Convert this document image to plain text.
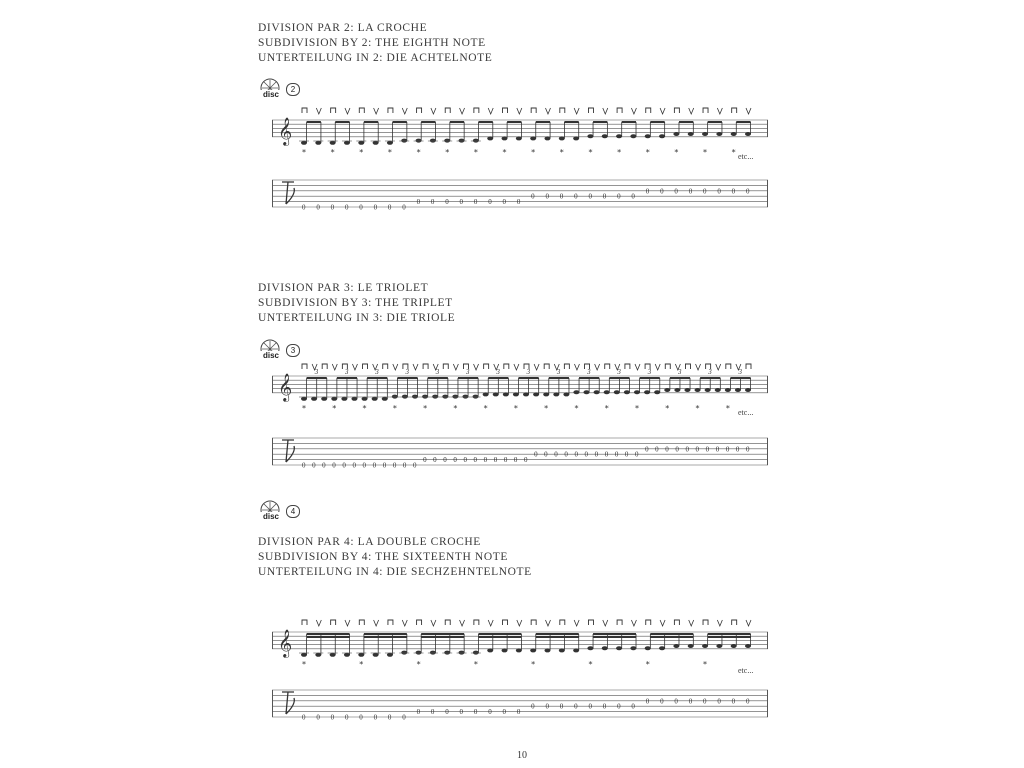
DIVISION PAR 2: LA CROCHE
SUBDIVISION BY 2: THE EIGHTH NOTE
UNTERTEILUNG IN 2: DIE ACHTELNOTE
disc
2
𝄞
0
*
0 0
*
0 0
*
0 0
*
0
0
*
0 0
*
0 0
*
0 0
*
0
0
*
0 0
*
0 0
*
0 0
*
0
0
*
0 0
*
0 0
*
0 0
*
0
etc...
DIVISION PAR 3: LE TRIOLET
SUBDIVISION BY 3: THE TRIPLET
UNTERTEILUNG IN 3: DIE TRIOLE
disc
3
𝄞
0
*
0 0 0
*
0 0 0
*
0 0 0
*
0 0
0
*
0 0 0
*
0 0 0
*
0 0 0
*
0
0 0
*
0 0 0
*
0 0 0
*
0 0 0
*
0 0 0
*
0 0 0
*
0 0 0
*
0 0
3	3	3	3	3	3	3	3	3	3	3	3	3	3	3
etc...
disc
4
DIVISION PAR 4: LA DOUBLE CROCHE
SUBDIVISION BY 4: THE SIXTEENTH NOTE
UNTERTEILUNG IN 4: DIE SECHZEHNTELNOTE
𝄞
0
*
0 0 0 0
*
0 0 0
0
*
0 0 0 0
*
0 0 0
0
*
0 0 0 0
*
0 0 0
0
*
0 0 0 0
*
0 0 0
etc...
10
